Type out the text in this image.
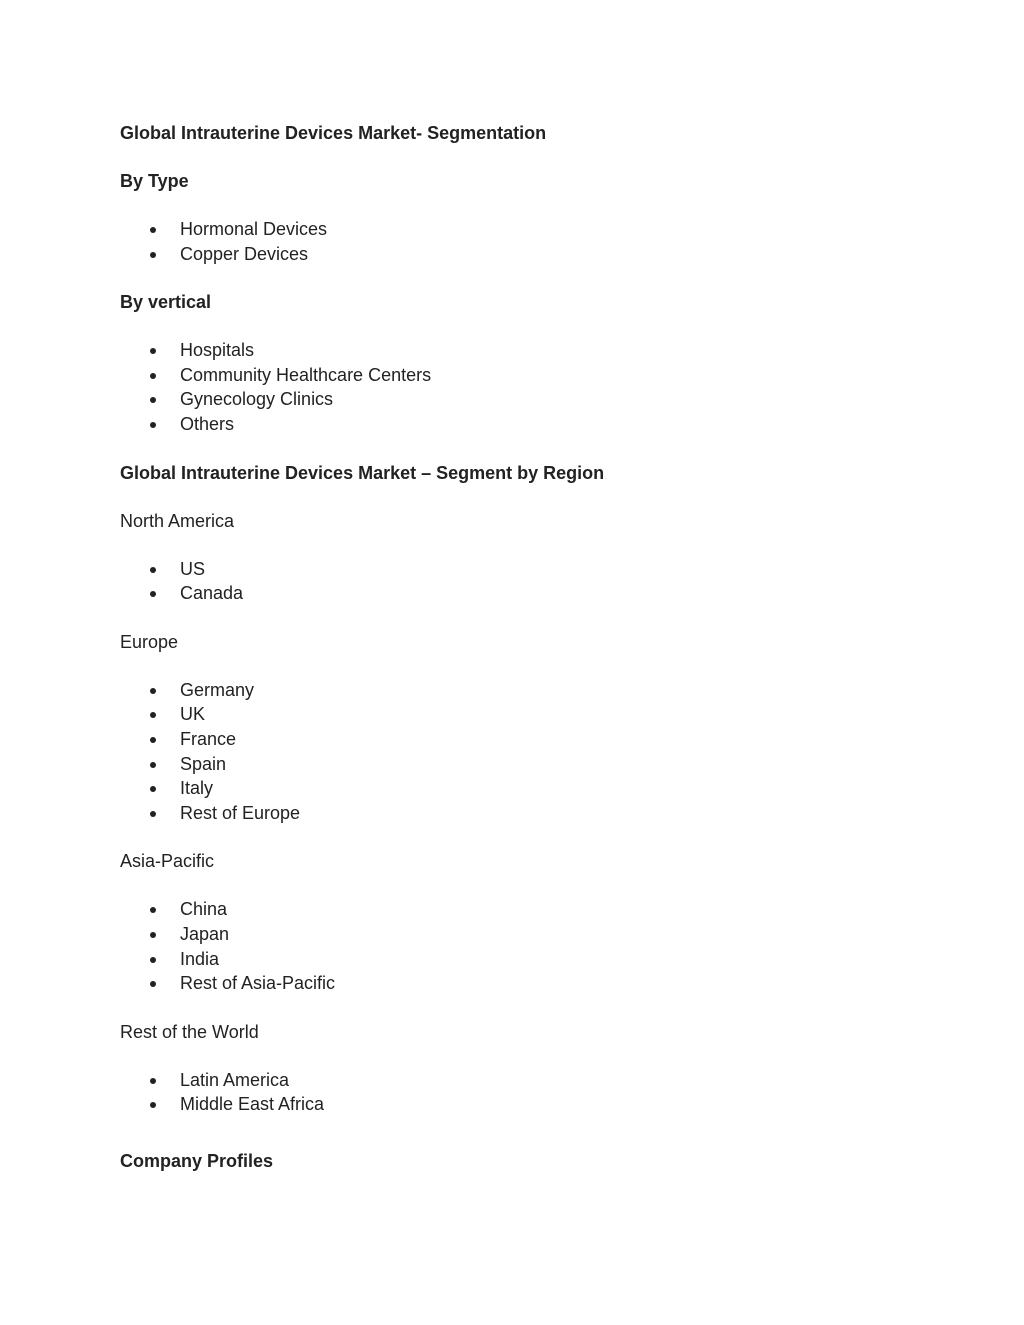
Global Intrauterine Devices Market- Segmentation
By Type
Hormonal Devices
Copper Devices
By vertical
Hospitals
Community Healthcare Centers
Gynecology Clinics
Others
Global Intrauterine Devices Market – Segment by Region
North America
US
Canada
Europe
Germany
UK
France
Spain
Italy
Rest of Europe
Asia-Pacific
China
Japan
India
Rest of Asia-Pacific
Rest of the World
Latin America
Middle East Africa
Company Profiles
